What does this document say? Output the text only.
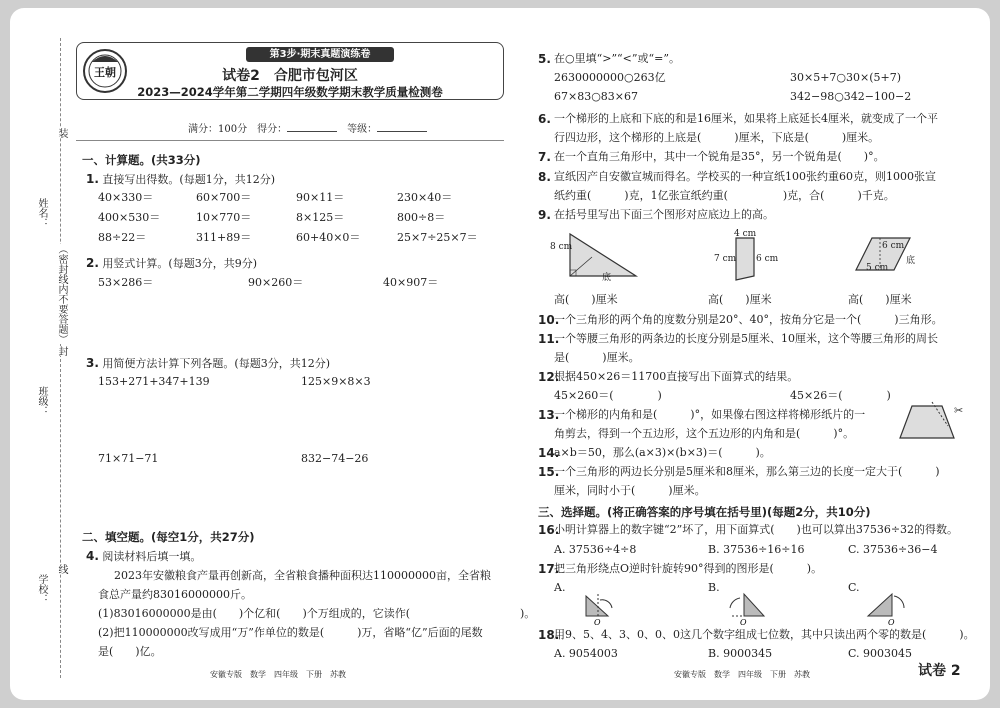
姓名：
班级：
学校：
装
（密封线内不要答题）
封
线
第3步·期末真题演练卷
王朝	试卷2　合肥市包河区
2023—2024学年第二学期四年级数学期末教学质量检测卷
满分：100分　 得分：　	等级：
一、计算题。(共33分)
1. 直接写出得数。(每题1分，共12分)
2. 用竖式计算。(每题3分，共9分)
53×286＝	90×260＝	40×907＝
3. 用简便方法计算下列各题。(每题3分，共12分)
153+271+347+139	125×9×8×3
71×71−71	832−74−26
二、填空题。(每空1分，共27分)
4. 阅读材料后填一填。
2023年安徽粮食产量再创新高，全省粮食播种面积达110000000亩，全省粮
食总产量约83016000000斤。
(1)83016000000是由(　　)个亿和(　　)个万组成的，它读作(　　　　　　　　　　)。
(2)把110000000改写成用“万”作单位的数是(　　　)万，省略“亿”后面的尾数
是(　　)亿。
安徽专版　数学　四年级　下册　苏教
8 cm
底
4 cm
7 cm 6 cm
6 cm
5 cm
底
✂
O	O	O
安徽专版　数学　四年级　下册　苏教	试卷 2
40×330＝	60×700＝	90×11＝	230×40＝
400×530＝	10×770＝	8×125＝	800÷8＝
88÷22＝	311+89＝	60+40×0＝	25×7÷25×7＝
5. 在○里填“>”“<”或“=”。
2630000000○263亿	30×5+7○30×(5+7)
67×83○83×67	342−98○342−100−2
6. 一个梯形的上底和下底的和是16厘米，如果将上底延长4厘米，就变成了一个平
行四边形，这个梯形的上底是(　　　)厘米，下底是(　　　)厘米。
7. 在一个直角三角形中，其中一个锐角是35°，另一个锐角是(　　)°。
8. 宣纸因产自安徽宣城而得名。学校买的一种宣纸100张约重60克，则1000张宣
纸约重(　　　)克，1亿张宣纸约重(　　　　　)克，合(　　　)千克。
9. 在括号里写出下面三个图形对应底边上的高。
高(　　)厘米	高(　　)厘米	高(　　)厘米
10.
一个三角形的两个角的度数分别是20°、40°，按角分它是一个(　　　)三角形。
11.
一个等腰三角形的两条边的长度分别是5厘米、10厘米，这个等腰三角形的周长
是(　　　)厘米。
12.
根据450×26＝11700直接写出下面算式的结果。
45×260＝(　　　　)	45×26＝(　　　　)
13.
一个梯形的内角和是(　　　)°，如果像右图这样将梯形纸片的一
角剪去，得到一个五边形，这个五边形的内角和是(　　　)°。
14.
a×b＝50，那么(a×3)×(b×3)＝(　　　)。
15.
一个三角形的两边长分别是5厘米和8厘米，那么第三边的长度一定大于(　　　)
厘米，同时小于(　　　)厘米。
三、选择题。(将正确答案的序号填在括号里)(每题2分，共10分)
16.
小明计算器上的数字键“2”坏了，用下面算式(　　)也可以算出37536÷32的得数。
A. 37536÷4÷8	B. 37536÷16÷16	C. 37536÷36−4
17.
把三角形绕点O逆时针旋转90°得到的图形是(　　　)。
A.	B.	C.
18.
用9、5、4、3、0、0、0这几个数字组成七位数，其中只读出两个零的数是(　　　)。
A. 9054003	B. 9000345	C. 9003045
